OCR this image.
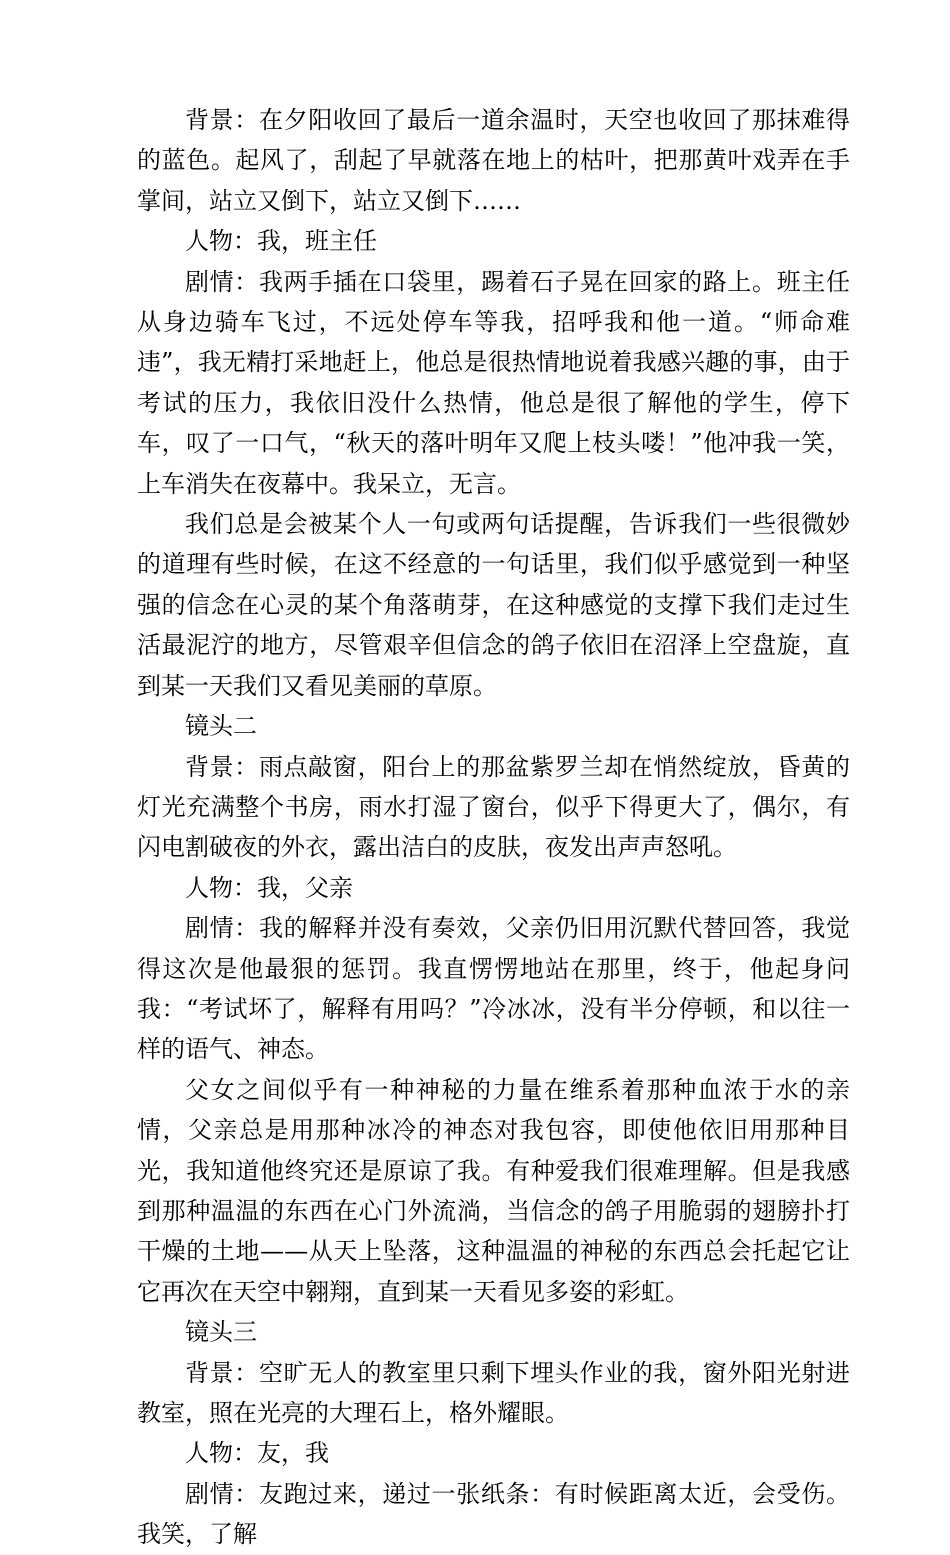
背景：在夕阳收回了最后一道余温时，天空也收回了那抹难得的蓝色。起风了，刮起了早就落在地上的枯叶，把那黄叶戏弄在手掌间，站立又倒下，站立又倒下……

人物：我，班主任

剧情：我两手插在口袋里，踢着石子晃在回家的路上。班主任从身边骑车飞过，不远处停车等我，招呼我和他一道。“师命难违”，我无精打采地赶上，他总是很热情地说着我感兴趣的事，由于考试的压力，我依旧没什么热情，他总是很了解他的学生，停下车，叹了一口气，“秋天的落叶明年又爬上枝头喽！”他冲我一笑，上车消失在夜幕中。我呆立，无言。

我们总是会被某个人一句或两句话提醒，告诉我们一些很微妙的道理有些时候，在这不经意的一句话里，我们似乎感觉到一种坚强的信念在心灵的某个角落萌芽，在这种感觉的支撑下我们走过生活最泥泞的地方，尽管艰辛但信念的鸽子依旧在沼泽上空盘旋，直到某一天我们又看见美丽的草原。

镜头二

背景：雨点敲窗，阳台上的那盆紫罗兰却在悄然绽放，昏黄的灯光充满整个书房，雨水打湿了窗台，似乎下得更大了，偶尔，有闪电割破夜的外衣，露出洁白的皮肤，夜发出声声怒吼。

人物：我，父亲

剧情：我的解释并没有奏效，父亲仍旧用沉默代替回答，我觉得这次是他最狠的惩罚。我直愣愣地站在那里，终于，他起身问我：“考试坏了，解释有用吗？”冷冰冰，没有半分停顿，和以往一样的语气、神态。

父女之间似乎有一种神秘的力量在维系着那种血浓于水的亲情，父亲总是用那种冰冷的神态对我包容，即使他依旧用那种目光，我知道他终究还是原谅了我。有种爱我们很难理解。但是我感到那种温温的东西在心门外流淌，当信念的鸽子用脆弱的翅膀扑打干燥的土地——从天上坠落，这种温温的神秘的东西总会托起它让它再次在天空中翱翔，直到某一天看见多姿的彩虹。

镜头三

背景：空旷无人的教室里只剩下埋头作业的我，窗外阳光射进教室，照在光亮的大理石上，格外耀眼。

人物：友，我

剧情：友跑过来，递过一张纸条：有时候距离太近，会受伤。我笑，了解
